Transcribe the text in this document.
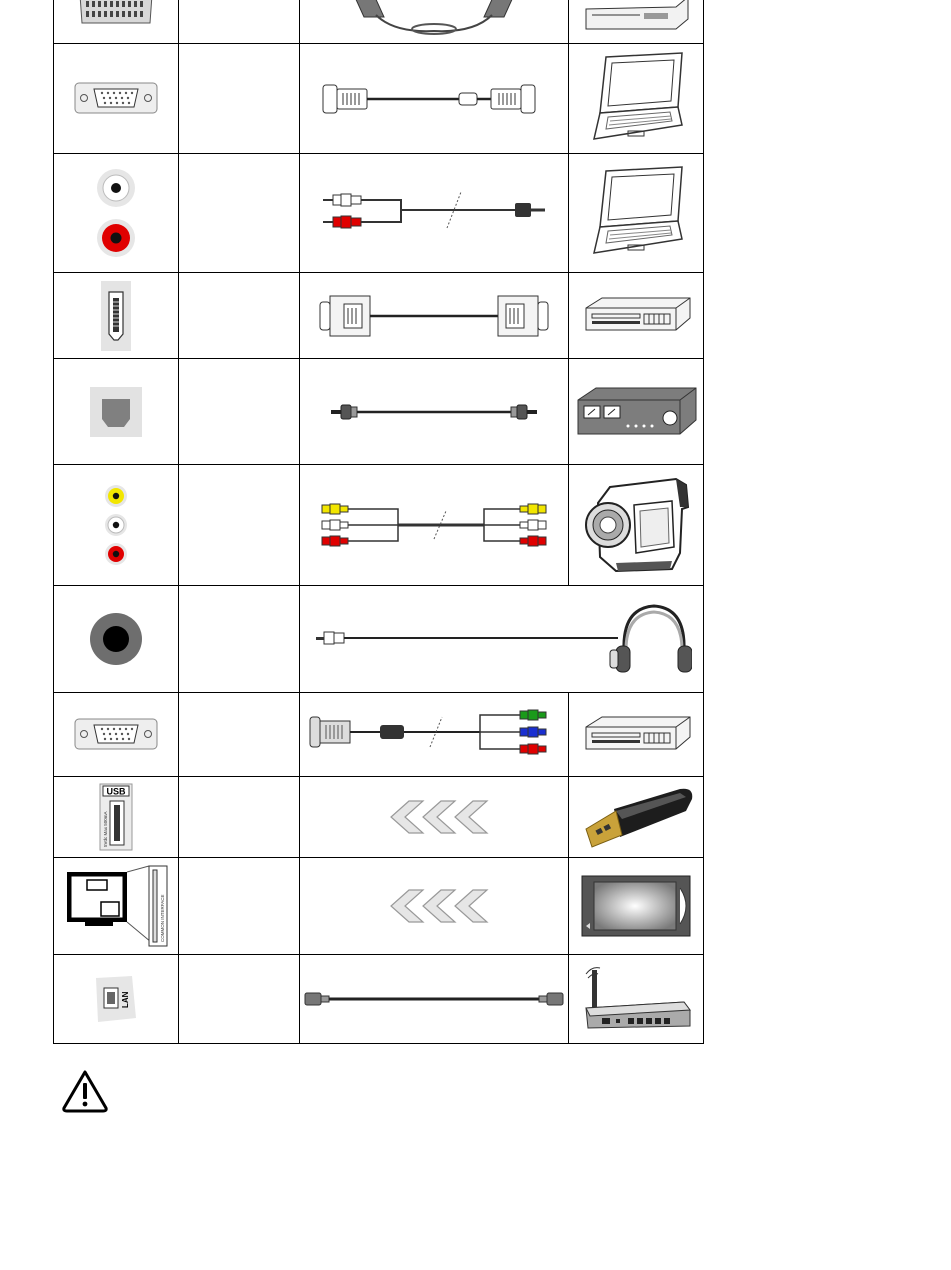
USB
5Vdc Max 500mA

COMMON INTERFACE

LAN
